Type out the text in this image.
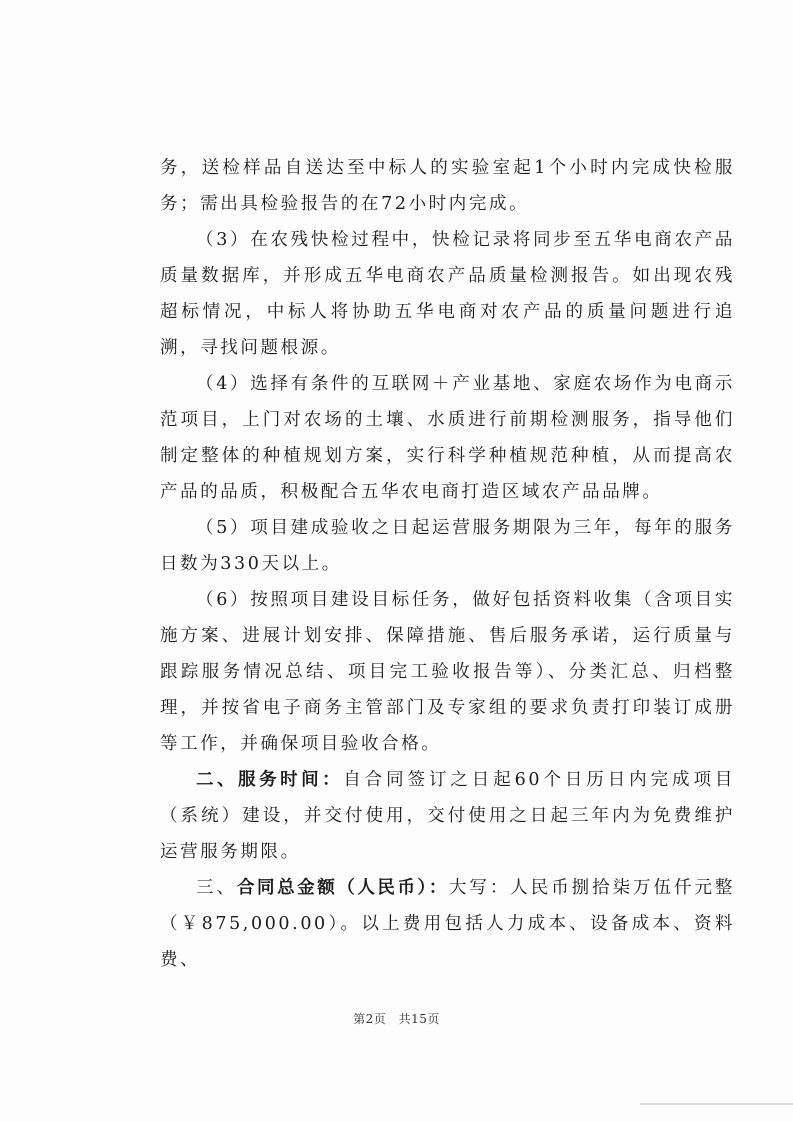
务，送检样品自送达至中标人的实验室起1个小时内完成快检服务；需出具检验报告的在72小时内完成。

（3）在农残快检过程中，快检记录将同步至五华电商农产品质量数据库，并形成五华电商农产品质量检测报告。如出现农残超标情况，中标人将协助五华电商对农产品的质量问题进行追溯，寻找问题根源。

（4）选择有条件的互联网＋产业基地、家庭农场作为电商示范项目，上门对农场的土壤、水质进行前期检测服务，指导他们制定整体的种植规划方案，实行科学种植规范种植，从而提高农产品的品质，积极配合五华农电商打造区域农产品品牌。

（5）项目建成验收之日起运营服务期限为三年，每年的服务日数为330天以上。

（6）按照项目建设目标任务，做好包括资料收集（含项目实施方案、进展计划安排、保障措施、售后服务承诺，运行质量与跟踪服务情况总结、项目完工验收报告等）、分类汇总、归档整理，并按省电子商务主管部门及专家组的要求负责打印装订成册等工作，并确保项目验收合格。

二、服务时间：自合同签订之日起60个日历日内完成项目（系统）建设，并交付使用，交付使用之日起三年内为免费维护运营服务期限。

三、合同总金额（人民币）：大写：人民币捌拾柒万伍仟元整（￥875,000.00）。以上费用包括人力成本、设备成本、资料费、

第2页 共15页
